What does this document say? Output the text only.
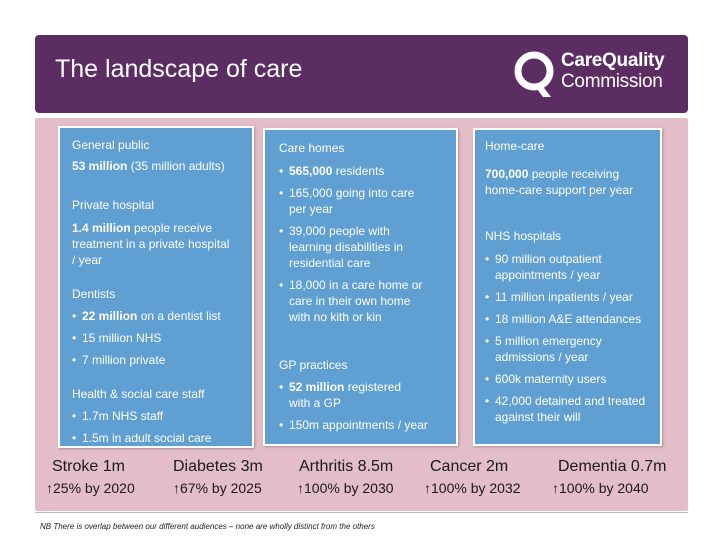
The landscape of care	CareQuality
Commission
General public
53 million (35 million adults)
Private hospital
1.4 million people receive
treatment in a private hospital
/ year
Dentists
• 22 million on a dentist list
• 15 million NHS
• 7 million private
Health & social care staff
• 1.7m NHS staff
• 1.5m in adult social care
Care homes
• 565,000 residents
• 165,000 going into care
per year
• 39,000 people with
learning disabilities in
residential care
• 18,000 in a care home or
care in their own home
with no kith or kin
GP practices
• 52 million registered
with a GP
• 150m appointments / year
Home-care
700,000 people receiving
home-care support per year
NHS hospitals
• 90 million outpatient
appointments / year
• 11 million inpatients / year
• 18 million A&E attendances
• 5 million emergency
admissions / year
• 600k maternity users
• 42,000 detained and treated
against their will
Stroke 1m
↑25% by 2020
Diabetes 3m
↑67% by 2025
Arthritis 8.5m
↑100% by 2030
Cancer 2m
↑100% by 2032
Dementia 0.7m
↑100% by 2040
NB There is overlap between our different audiences – none are wholly distinct from the others
